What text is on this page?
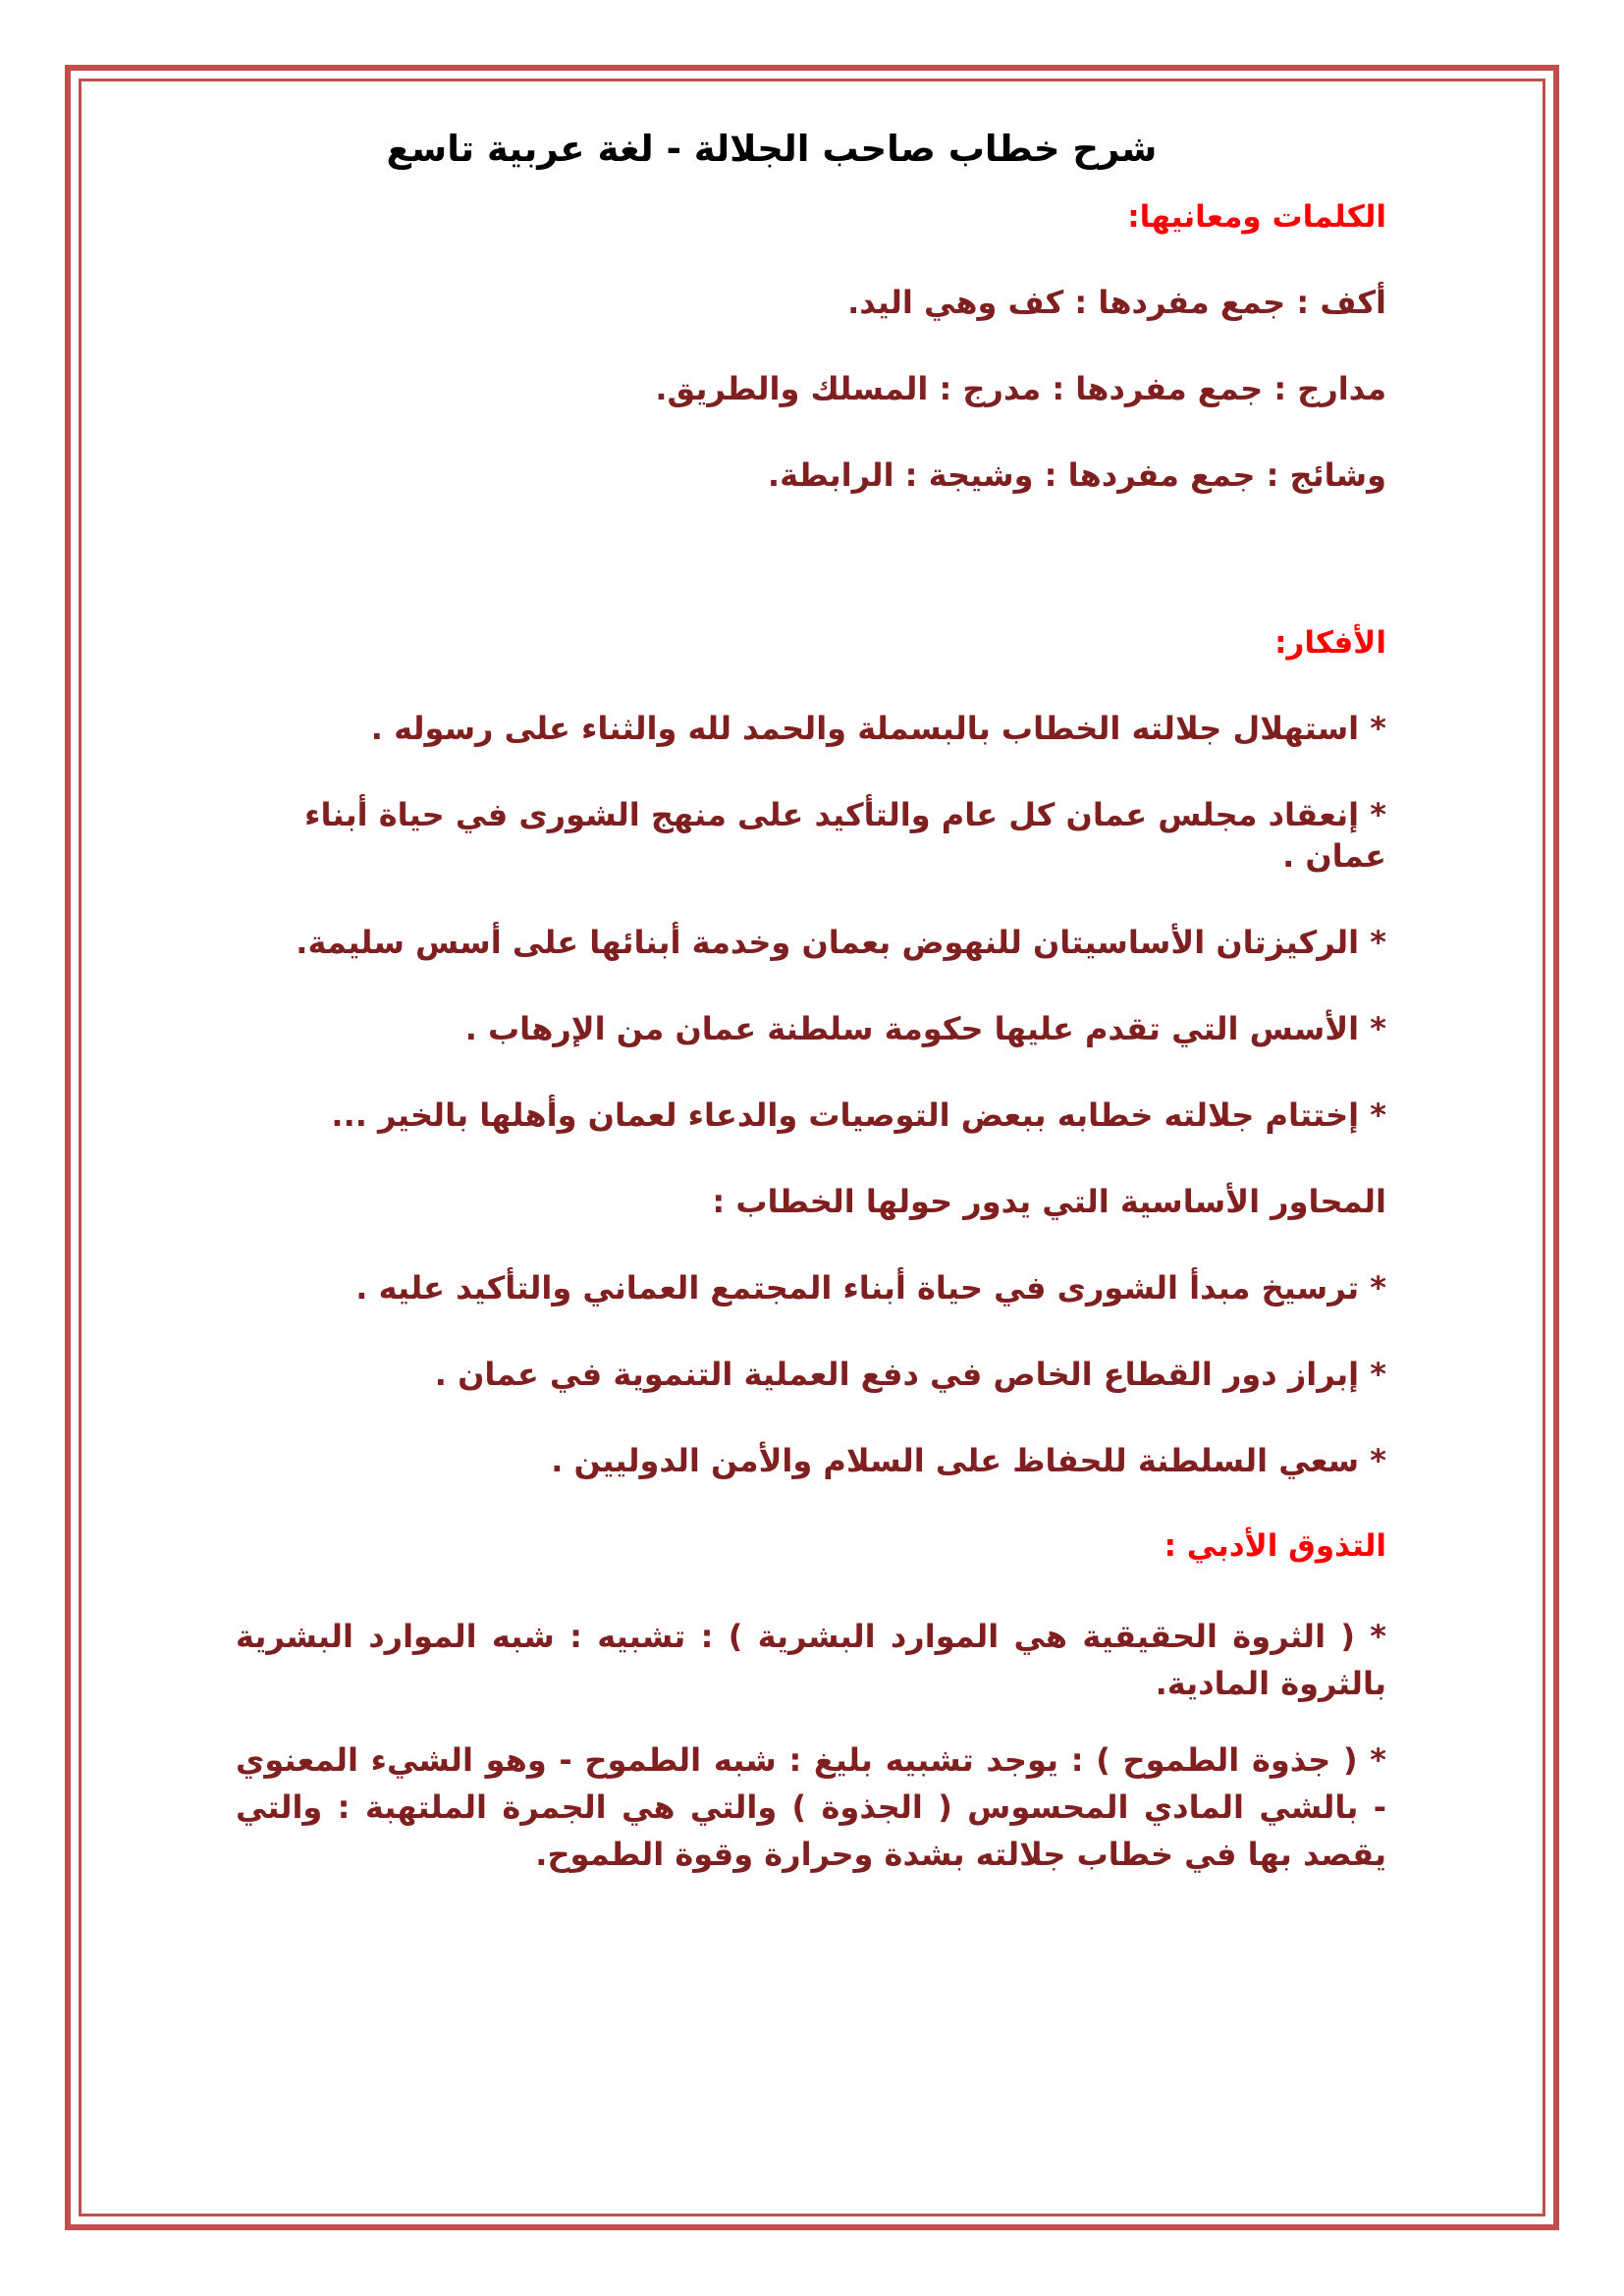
شرح خطاب صاحب الجلالة - لغة عربية تاسع
الكلمات ومعانيها:
أكف : جمع مفردها : كف وهي اليد.
مدارج : جمع مفردها : مدرج : المسلك والطريق.
وشائج : جمع مفردها : وشيجة : الرابطة.
الأفكار:
* استهلال جلالته الخطاب بالبسملة والحمد لله والثناء على رسوله .
* إنعقاد مجلس عمان كل عام والتأكيد على منهج الشورى في حياة أبناء عمان .
* الركيزتان الأساسيتان للنهوض بعمان وخدمة أبنائها على أسس سليمة.
* الأسس التي تقدم عليها حكومة سلطنة عمان من الإرهاب .
* إختتام جلالته خطابه ببعض التوصيات والدعاء لعمان وأهلها بالخير ...
المحاور الأساسية التي يدور حولها الخطاب :
* ترسيخ مبدأ الشورى في حياة أبناء المجتمع العماني والتأكيد عليه .
* إبراز دور القطاع الخاص في دفع العملية التنموية في عمان .
* سعي السلطنة للحفاظ على السلام والأمن الدوليين .
التذوق الأدبي :
* ( الثروة الحقيقية هي الموارد البشرية ) : تشبيه : شبه الموارد البشرية بالثروة المادية.
* ( جذوة الطموح ) : يوجد تشبيه بليغ : شبه الطموح - وهو الشيء المعنوي - بالشي المادي المحسوس ( الجذوة ) والتي هي الجمرة الملتهبة : والتي يقصد بها في خطاب جلالته بشدة وحرارة وقوة الطموح.
